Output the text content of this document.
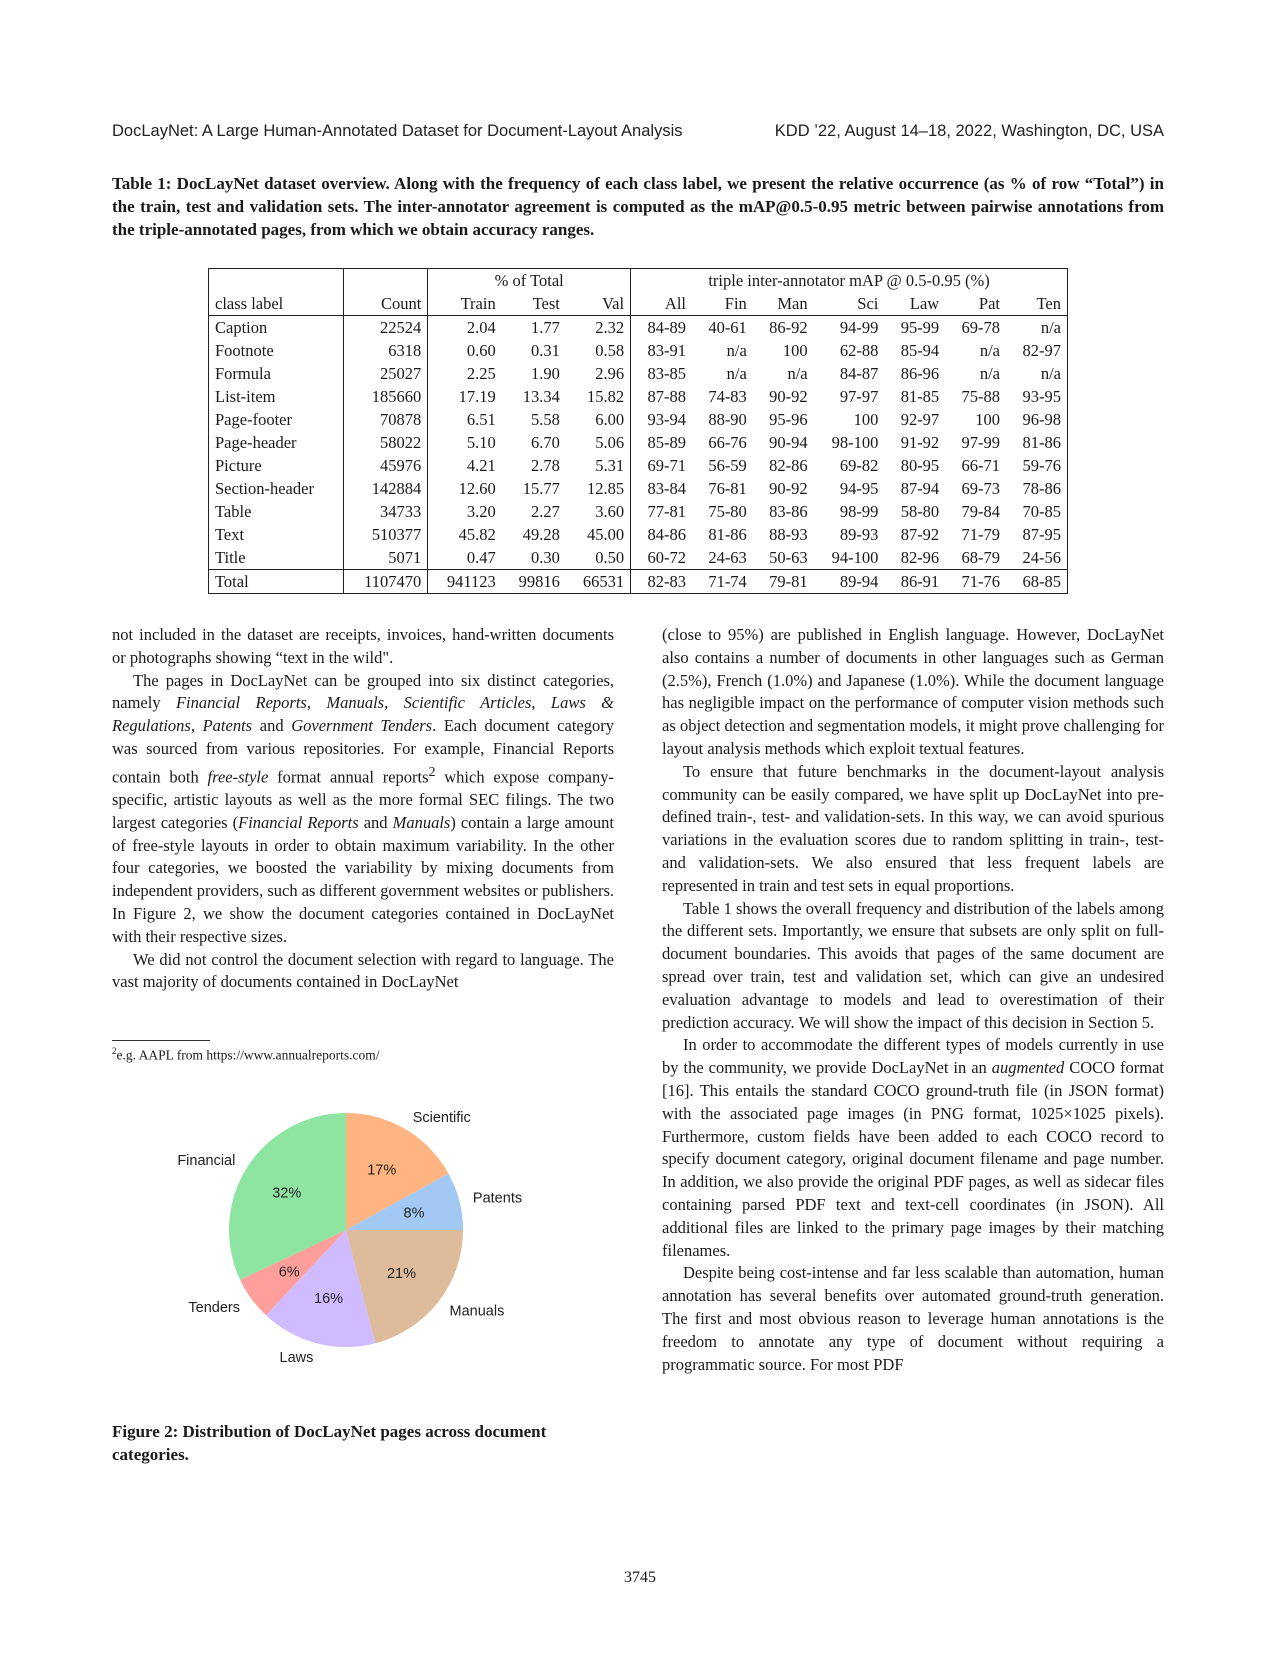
DocLayNet: A Large Human-Annotated Dataset for Document-Layout Analysis	KDD ’22, August 14–18, 2022, Washington, DC, USA
Table 1: DocLayNet dataset overview. Along with the frequency of each class label, we present the relative occurrence (as % of row “Total”) in the train, test and validation sets. The inter-annotator agreement is computed as the mAP@0.5-0.95 metric between pairwise annotations from the triple-annotated pages, from which we obtain accuracy ranges.
		% of Total			triple inter-annotator mAP @ 0.5-0.95 (%)						
class label	Count	Train	Test	Val	All	Fin	Man	Sci	Law	Pat	Ten
Caption	22524	2.04	1.77	2.32	84-89	40-61	86-92	94-99	95-99	69-78	n/a
Footnote	6318	0.60	0.31	0.58	83-91	n/a	100	62-88	85-94	n/a	82-97
Formula	25027	2.25	1.90	2.96	83-85	n/a	n/a	84-87	86-96	n/a	n/a
List-item	185660	17.19	13.34	15.82	87-88	74-83	90-92	97-97	81-85	75-88	93-95
Page-footer	70878	6.51	5.58	6.00	93-94	88-90	95-96	100	92-97	100	96-98
Page-header	58022	5.10	6.70	5.06	85-89	66-76	90-94	98-100	91-92	97-99	81-86
Picture	45976	4.21	2.78	5.31	69-71	56-59	82-86	69-82	80-95	66-71	59-76
Section-header	142884	12.60	15.77	12.85	83-84	76-81	90-92	94-95	87-94	69-73	78-86
Table	34733	3.20	2.27	3.60	77-81	75-80	83-86	98-99	58-80	79-84	70-85
Text	510377	45.82	49.28	45.00	84-86	81-86	88-93	89-93	87-92	71-79	87-95
Title	5071	0.47	0.30	0.50	60-72	24-63	50-63	94-100	82-96	68-79	24-56
Total	1107470	941123	99816	66531	82-83	71-74	79-81	89-94	86-91	71-76	68-85

not included in the dataset are receipts, invoices, hand-written documents or photographs showing “text in the wild".

The pages in DocLayNet can be grouped into six distinct categories, namely Financial Reports, Manuals, Scientific Articles, Laws & Regulations, Patents and Government Tenders. Each document category was sourced from various repositories. For example, Financial Reports contain both free-style format annual reports$^2$ which expose company-specific, artistic layouts as well as the more formal SEC filings. The two largest categories (Financial Reports and Manuals) contain a large amount of free-style layouts in order to obtain maximum variability. In the other four categories, we boosted the variability by mixing documents from independent providers, such as different government websites or publishers. In Figure 2, we show the document categories contained in DocLayNet with their respective sizes.

We did not control the document selection with regard to language. The vast majority of documents contained in DocLayNet

$^2$e.g. AAPL from https://www.annualreports.com/
17%
Scientific
8%
Patents
21%
Manuals
16%
Laws
6%
Tenders
32%
Financial
Figure 2: Distribution of DocLayNet pages across document categories.

(close to 95%) are published in English language. However, DocLayNet also contains a number of documents in other languages such as German (2.5%), French (1.0%) and Japanese (1.0%). While the document language has negligible impact on the performance of computer vision methods such as object detection and segmentation models, it might prove challenging for layout analysis methods which exploit textual features.

To ensure that future benchmarks in the document-layout analysis community can be easily compared, we have split up DocLayNet into pre-defined train-, test- and validation-sets. In this way, we can avoid spurious variations in the evaluation scores due to random splitting in train-, test- and validation-sets. We also ensured that less frequent labels are represented in train and test sets in equal proportions.

Table 1 shows the overall frequency and distribution of the labels among the different sets. Importantly, we ensure that subsets are only split on full-document boundaries. This avoids that pages of the same document are spread over train, test and validation set, which can give an undesired evaluation advantage to models and lead to overestimation of their prediction accuracy. We will show the impact of this decision in Section 5.

In order to accommodate the different types of models currently in use by the community, we provide DocLayNet in an augmented COCO format [16]. This entails the standard COCO ground-truth file (in JSON format) with the associated page images (in PNG format, 1025×1025 pixels). Furthermore, custom fields have been added to each COCO record to specify document category, original document filename and page number. In addition, we also provide the original PDF pages, as well as sidecar files containing parsed PDF text and text-cell coordinates (in JSON). All additional files are linked to the primary page images by their matching filenames.

Despite being cost-intense and far less scalable than automation, human annotation has several benefits over automated ground-truth generation. The first and most obvious reason to leverage human annotations is the freedom to annotate any type of document without requiring a programmatic source. For most PDF

3745
